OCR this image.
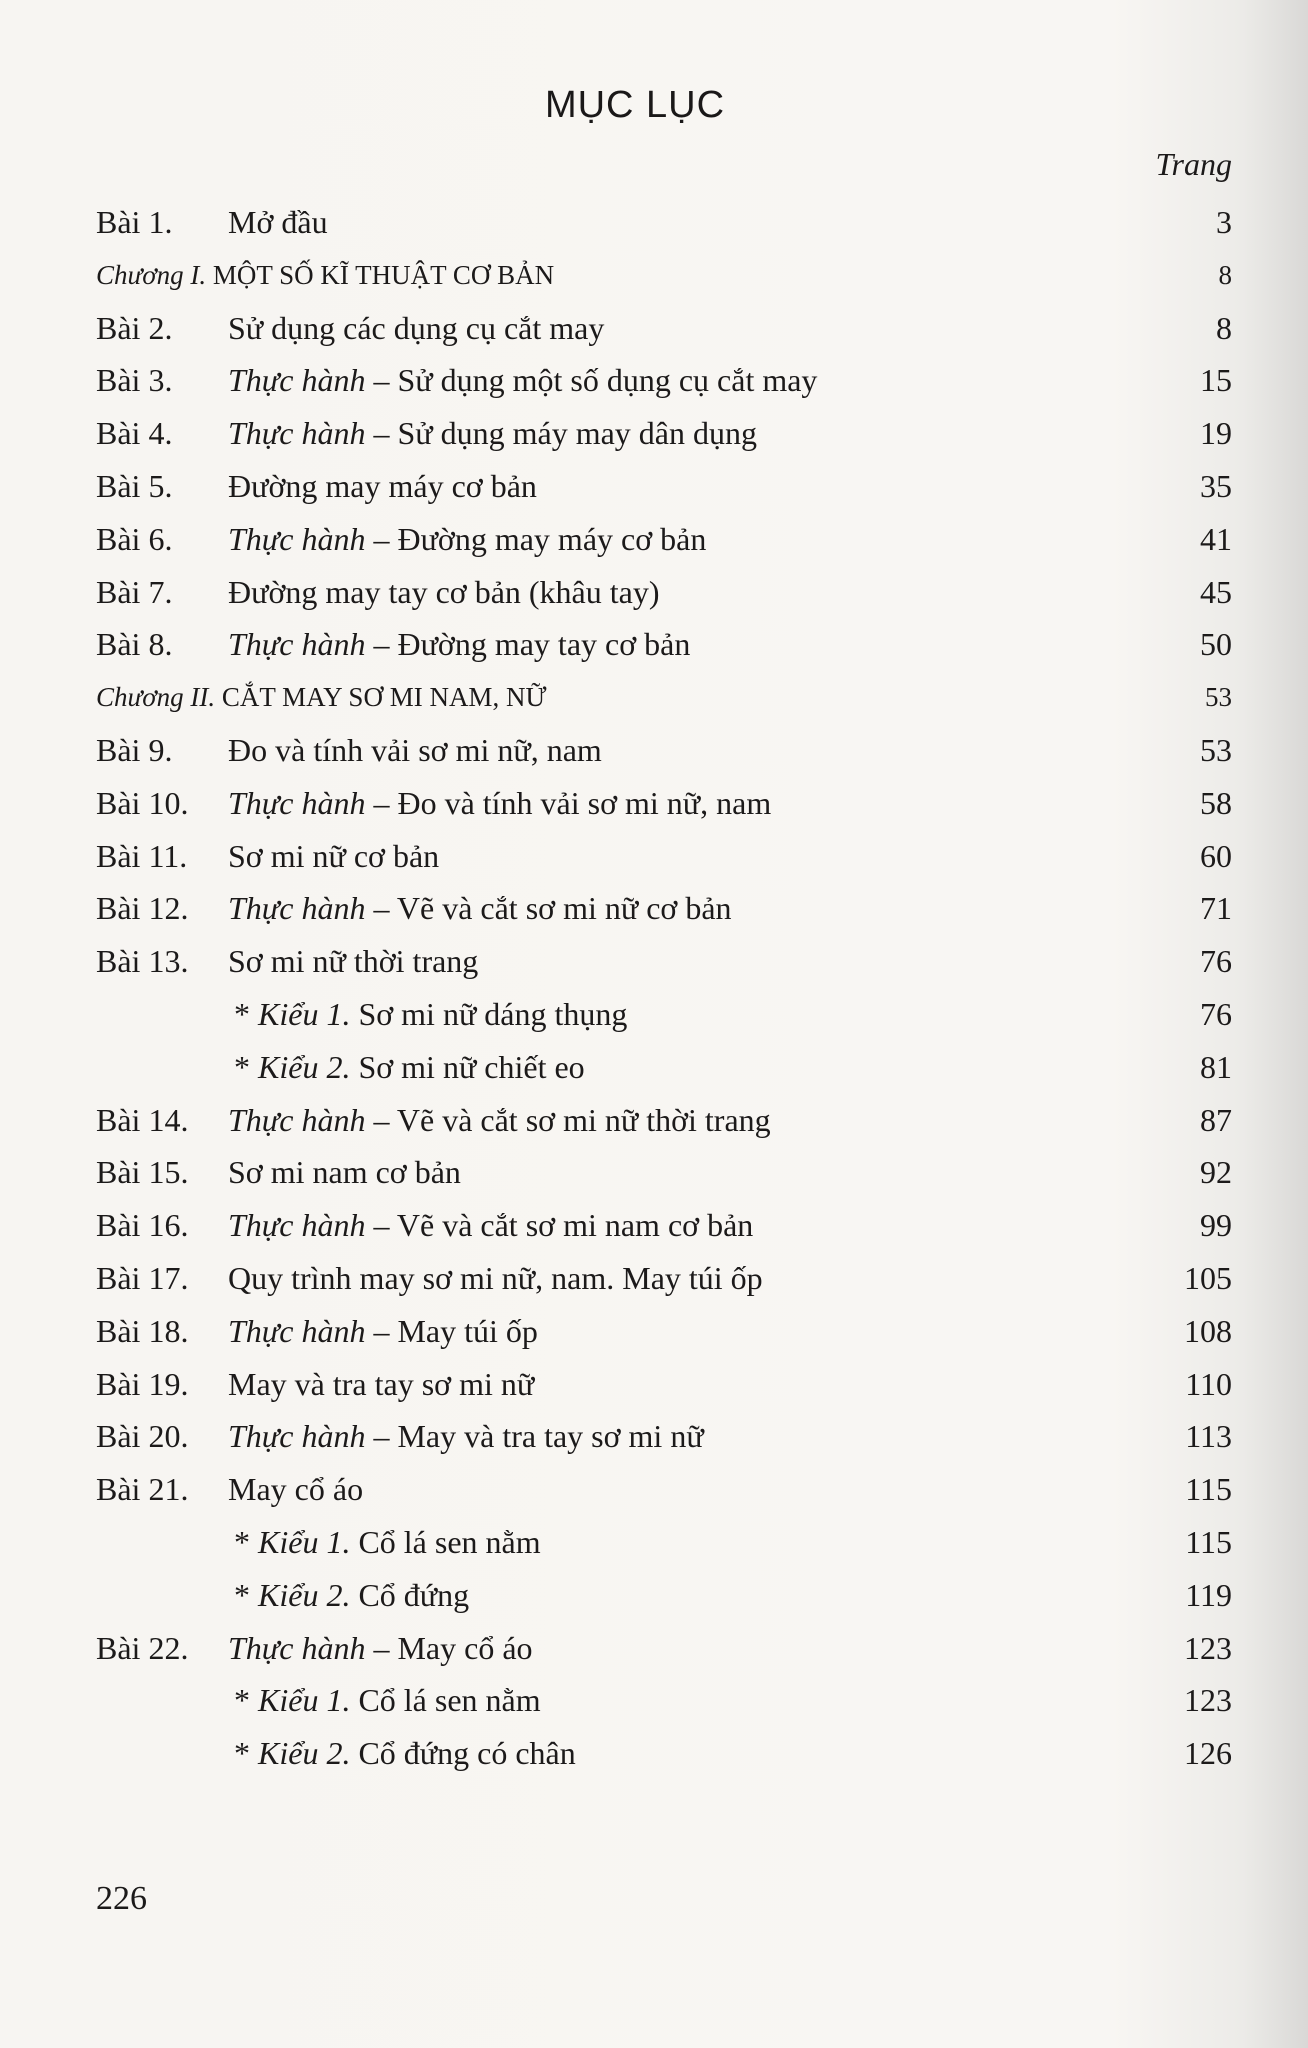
MỤC LỤC
Trang
Bài 1. Mở đầu	3
Chương I. MỘT SỐ KĨ THUẬT CƠ BẢN	8
Bài 2. Sử dụng các dụng cụ cắt may	8
Bài 3. Thực hành – Sử dụng một số dụng cụ cắt may	15
Bài 4. Thực hành – Sử dụng máy may dân dụng	19
Bài 5. Đường may máy cơ bản	35
Bài 6. Thực hành – Đường may máy cơ bản	41
Bài 7. Đường may tay cơ bản (khâu tay)	45
Bài 8. Thực hành – Đường may tay cơ bản	50
Chương II. CẮT MAY SƠ MI NAM, NỮ	53
Bài 9. Đo và tính vải sơ mi nữ, nam	53
Bài 10. Thực hành – Đo và tính vải sơ mi nữ, nam	58
Bài 11. Sơ mi nữ cơ bản	60
Bài 12. Thực hành – Vẽ và cắt sơ mi nữ cơ bản	71
Bài 13. Sơ mi nữ thời trang	76
* Kiểu 1. Sơ mi nữ dáng thụng	76
* Kiểu 2. Sơ mi nữ chiết eo	81
Bài 14. Thực hành – Vẽ và cắt sơ mi nữ thời trang	87
Bài 15. Sơ mi nam cơ bản	92
Bài 16. Thực hành – Vẽ và cắt sơ mi nam cơ bản	99
Bài 17. Quy trình may sơ mi nữ, nam. May túi ốp	105
Bài 18. Thực hành – May túi ốp	108
Bài 19. May và tra tay sơ mi nữ	110
Bài 20. Thực hành – May và tra tay sơ mi nữ	113
Bài 21. May cổ áo	115
* Kiểu 1. Cổ lá sen nằm	115
* Kiểu 2. Cổ đứng	119
Bài 22. Thực hành – May cổ áo	123
* Kiểu 1. Cổ lá sen nằm	123
* Kiểu 2. Cổ đứng có chân	126
226
